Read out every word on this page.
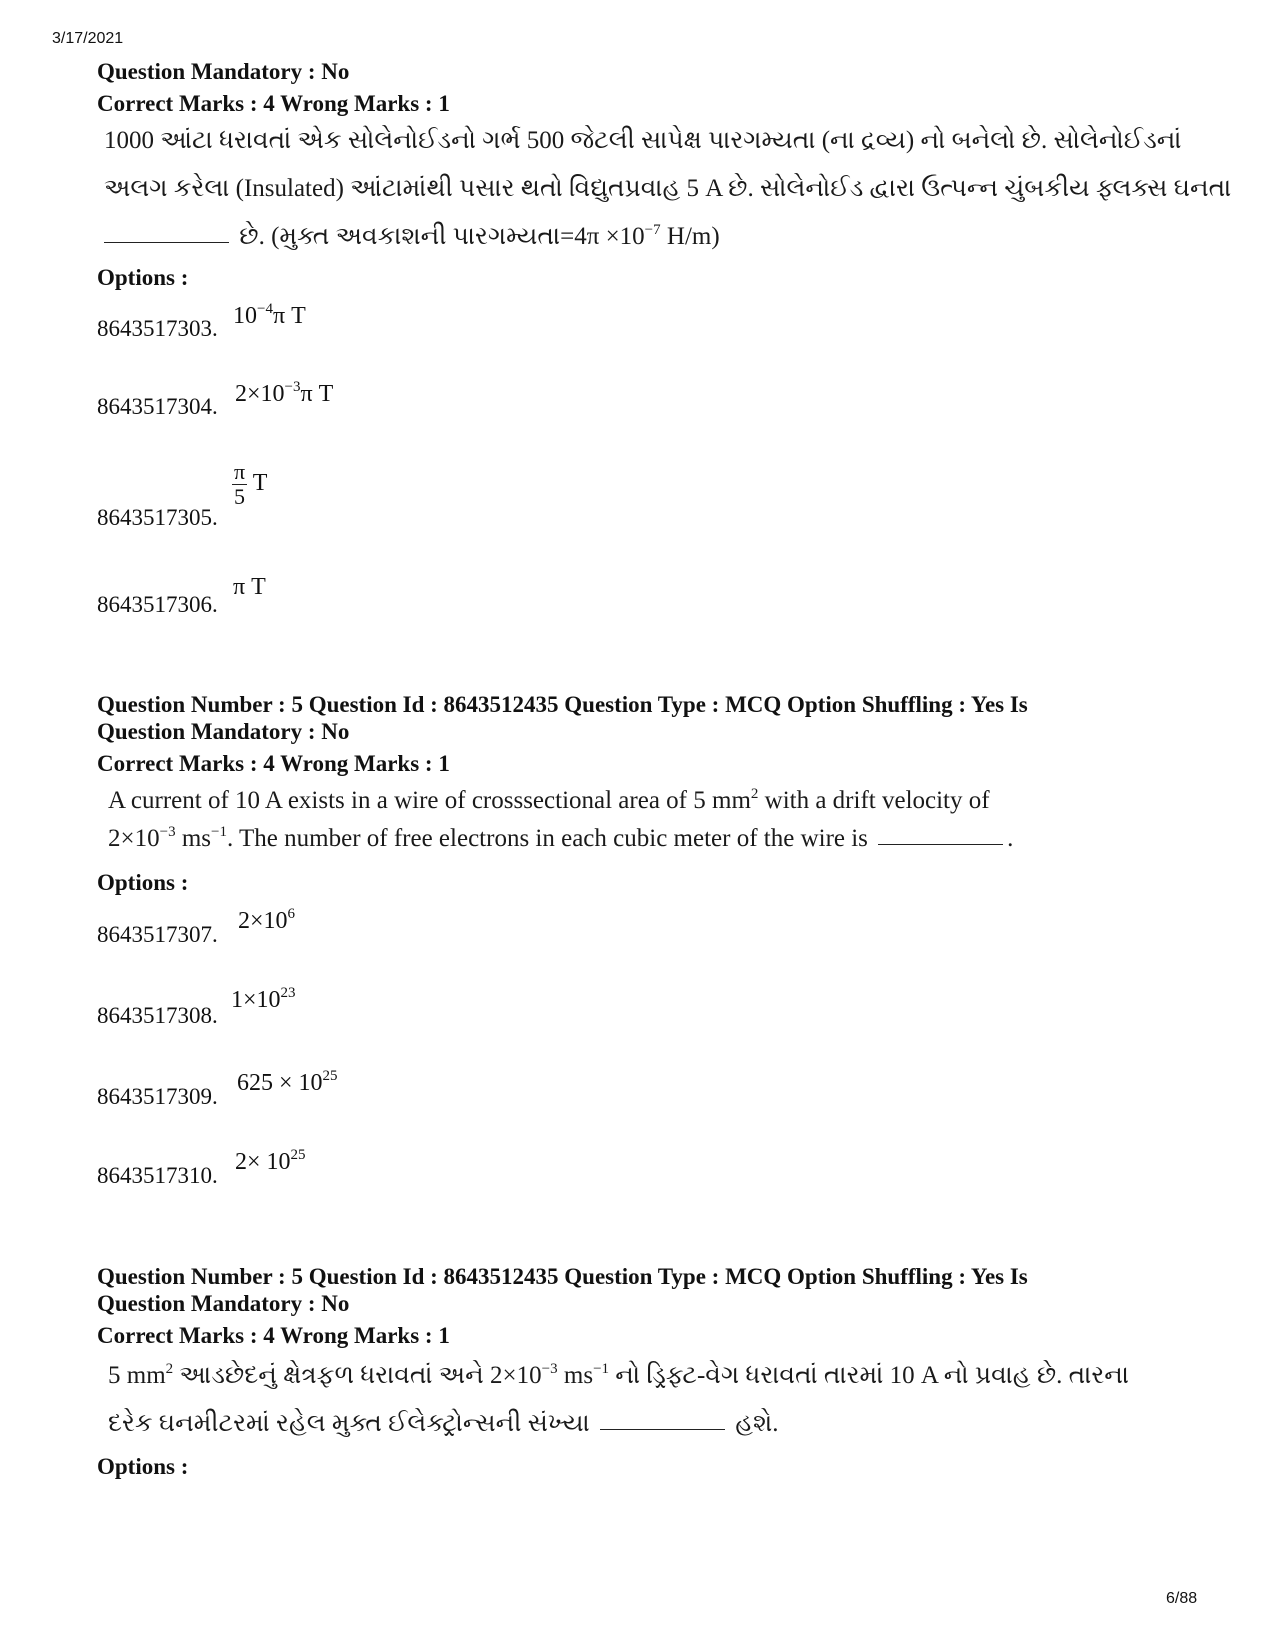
3/17/2021
Question Mandatory : No
Correct Marks : 4 Wrong Marks : 1
1000 આંટા ધરાવતાં એક સોલેનોઈડનો ગર્ભ 500 જેટલી સાપેક્ષ પારગમ્યતા (ના દ્રવ્ય) નો બનેલો છે. સોલેનોઈડનાં
અલગ કરેલા (Insulated) આંટામાંથી પસાર થતો વિદ્યુતપ્રવાહ 5 A છે. સોલેનોઈડ દ્વારા ઉત્પન્ન ચુંબકીય ફ્લક્સ ઘનતા
છે. (મુક્ત અવકાશની પારગમ્યતા=4π $\times 10^{-7}$ H/m)
Options :
8643517303. $10^{-4}\pi$ T
8643517304. $2\times 10^{-3}\pi$ T
8643517305.
$\frac{\pi}{5}$ T
8643517306.
π T
Question Number : 5 Question Id : 8643512435 Question Type : MCQ Option Shuffling : Yes Is
Question Mandatory : No
Correct Marks : 4 Wrong Marks : 1
A current of 10 A exists in a wire of crosssectional area of 5 $mm^2$ with a drift velocity of
$2\times 10^{-3}$ $ms^{-1}$. The number of free electrons in each cubic meter of the wire is	.
Options :
8643517307.
$2\times 10^6$
8643517308.
$1\times 10^{23}$
8643517309.
$625 \times 10^{25}$
8643517310.
$2\times 10^{25}$
Question Number : 5 Question Id : 8643512435 Question Type : MCQ Option Shuffling : Yes Is
Question Mandatory : No
Correct Marks : 4 Wrong Marks : 1
5 $mm^2$ આડછેદનું ક્ષેત્રફળ ધરાવતાં અને $2\times 10^{-3}$ $ms^{-1}$ નો ડ્રિફ્ટ-વેગ ધરાવતાં તારમાં 10 A નો પ્રવાહ છે. તારના
દરેક ઘનમીટરમાં રહેલ મુક્ત ઈલેક્ટ્રોન્સની સંખ્યા	હશે.
Options :
6/88
